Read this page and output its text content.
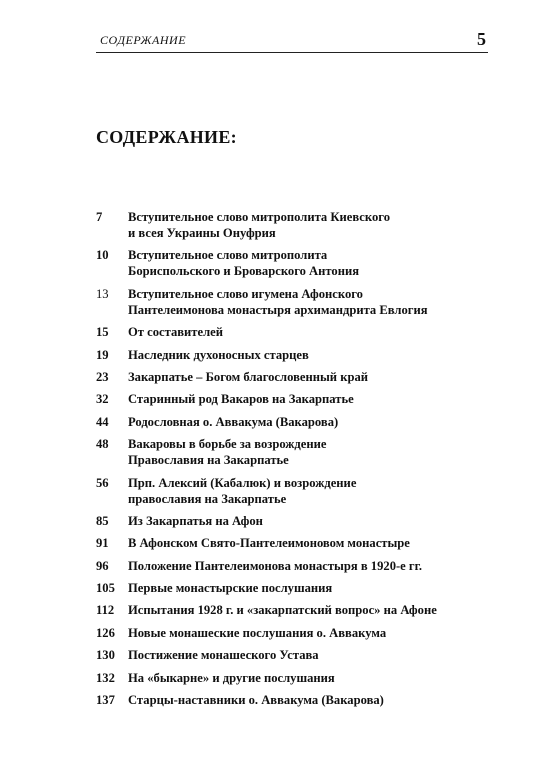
СОДЕРЖАНИЕ	5
СОДЕРЖАНИЕ:
7	Вступительное слово митрополита Киевского
и всея Украины Онуфрия
10	Вступительное слово митрополита
Бориспольского и Броварского Антония
13	Вступительное слово игумена Афонского
Пантелеимонова монастыря архимандрита Евлогия
15	От составителей
19	Наследник духоносных старцев
23	Закарпатье – Богом благословенный край
32	Старинный род Вакаров на Закарпатье
44	Родословная о. Аввакума (Вакарова)
48	Вакаровы в борьбе за возрождение
Православия на Закарпатье
56	Прп. Алексий (Кабалюк) и возрождение
православия на Закарпатье
85	Из Закарпатья на Афон
91	В Афонском Свято-Пантелеимоновом монастыре
96	Положение Пантелеимонова монастыря в 1920-е гг.
105	Первые монастырские послушания
112	Испытания 1928 г. и «закарпатский вопрос» на Афоне
126	Новые монашеские послушания о. Аввакума
130	Постижение монашеского Устава
132	На «быкарне» и другие послушания
137	Старцы-наставники о. Аввакума (Вакарова)
